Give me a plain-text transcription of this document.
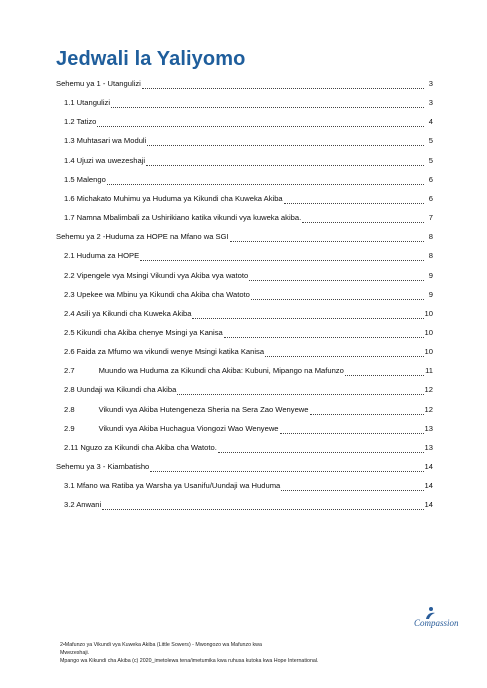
Jedwali la Yaliyomo
Sehemu ya 1 - Utangulizi	3
1.1 Utangulizi	3
1.2 Tatizo	4
1.3 Muhtasari wa Moduli	5
1.4 Ujuzi wa uwezeshaji	5
1.5 Malengo	6
1.6 Michakato Muhimu ya Huduma ya Kikundi cha Kuweka Akiba	6
1.7 Namna Mbalimbali za Ushirikiano katika vikundi vya kuweka akiba.	7
Sehemu ya 2 -Huduma za HOPE na Mfano wa SGI	8
2.1 Huduma za HOPE	8
2.2 Vipengele vya Msingi Vikundi vya Akiba vya watoto	9
2.3 Upekee wa Mbinu ya Kikundi cha Akiba cha Watoto	9
2.4 Asili ya Kikundi cha Kuweka Akiba	10
2.5 Kikundi cha Akiba chenye Msingi ya Kanisa	10
2.6 Faida za Mfumo wa vikundi wenye Msingi katika Kanisa	10
2.7	Muundo wa Huduma za Kikundi cha Akiba: Kubuni, Mipango na Mafunzo	11
2.8 Uundaji wa Kikundi cha Akiba	12
2.8	Vikundi vya Akiba Hutengeneza Sheria na Sera Zao Wenyewe	12
2.9	Vikundi vya Akiba Huchagua Viongozi Wao Wenyewe	13
2.11 Nguzo za Kikundi cha Akiba cha Watoto.	13
Sehemu ya 3 - Kiambatisho	14
3.1 Mfano wa Ratiba ya Warsha ya Usanifu/Uundaji wa Huduma	14
3.2 Anwani	14
Compassion
2•Mafunzo ya Vikundi vya Kuweka Akiba (Little Sowers) - Mwongozo wa Mafunzo kwa
Mwezeshaji.
Mpango wa Kikundi cha Akiba (c) 2020_imetolewa tena/imetumika kwa ruhusa kutoka kwa Hope International.
